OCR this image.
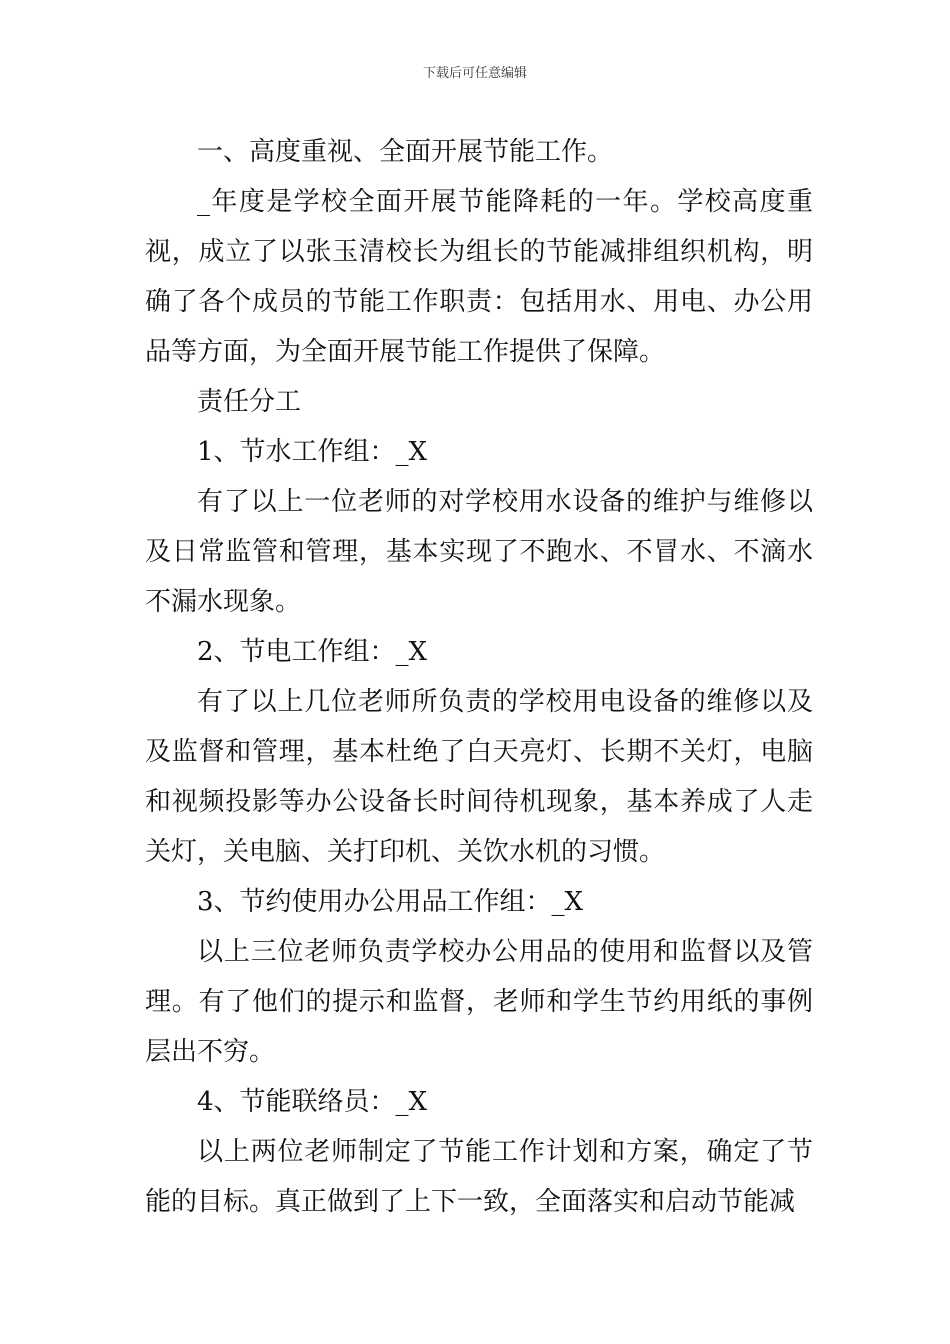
下载后可任意编辑

一、高度重视、全面开展节能工作。

_年度是学校全面开展节能降耗的一年。学校高度重视，成立了以张玉清校长为组长的节能减排组织机构，明确了各个成员的节能工作职责：包括用水、用电、办公用品等方面，为全面开展节能工作提供了保障。

责任分工

1、节水工作组：_X

有了以上一位老师的对学校用水设备的维护与维修以及日常监管和管理，基本实现了不跑水、不冒水、不滴水不漏水现象。

2、节电工作组：_X

有了以上几位老师所负责的学校用电设备的维修以及及监督和管理，基本杜绝了白天亮灯、长期不关灯，电脑和视频投影等办公设备长时间待机现象，基本养成了人走关灯，关电脑、关打印机、关饮水机的习惯。

3、节约使用办公用品工作组：_X

以上三位老师负责学校办公用品的使用和监督以及管理。有了他们的提示和监督，老师和学生节约用纸的事例层出不穷。

4、节能联络员：_X

以上两位老师制定了节能工作计划和方案，确定了节能的目标。真正做到了上下一致，全面落实和启动节能减
